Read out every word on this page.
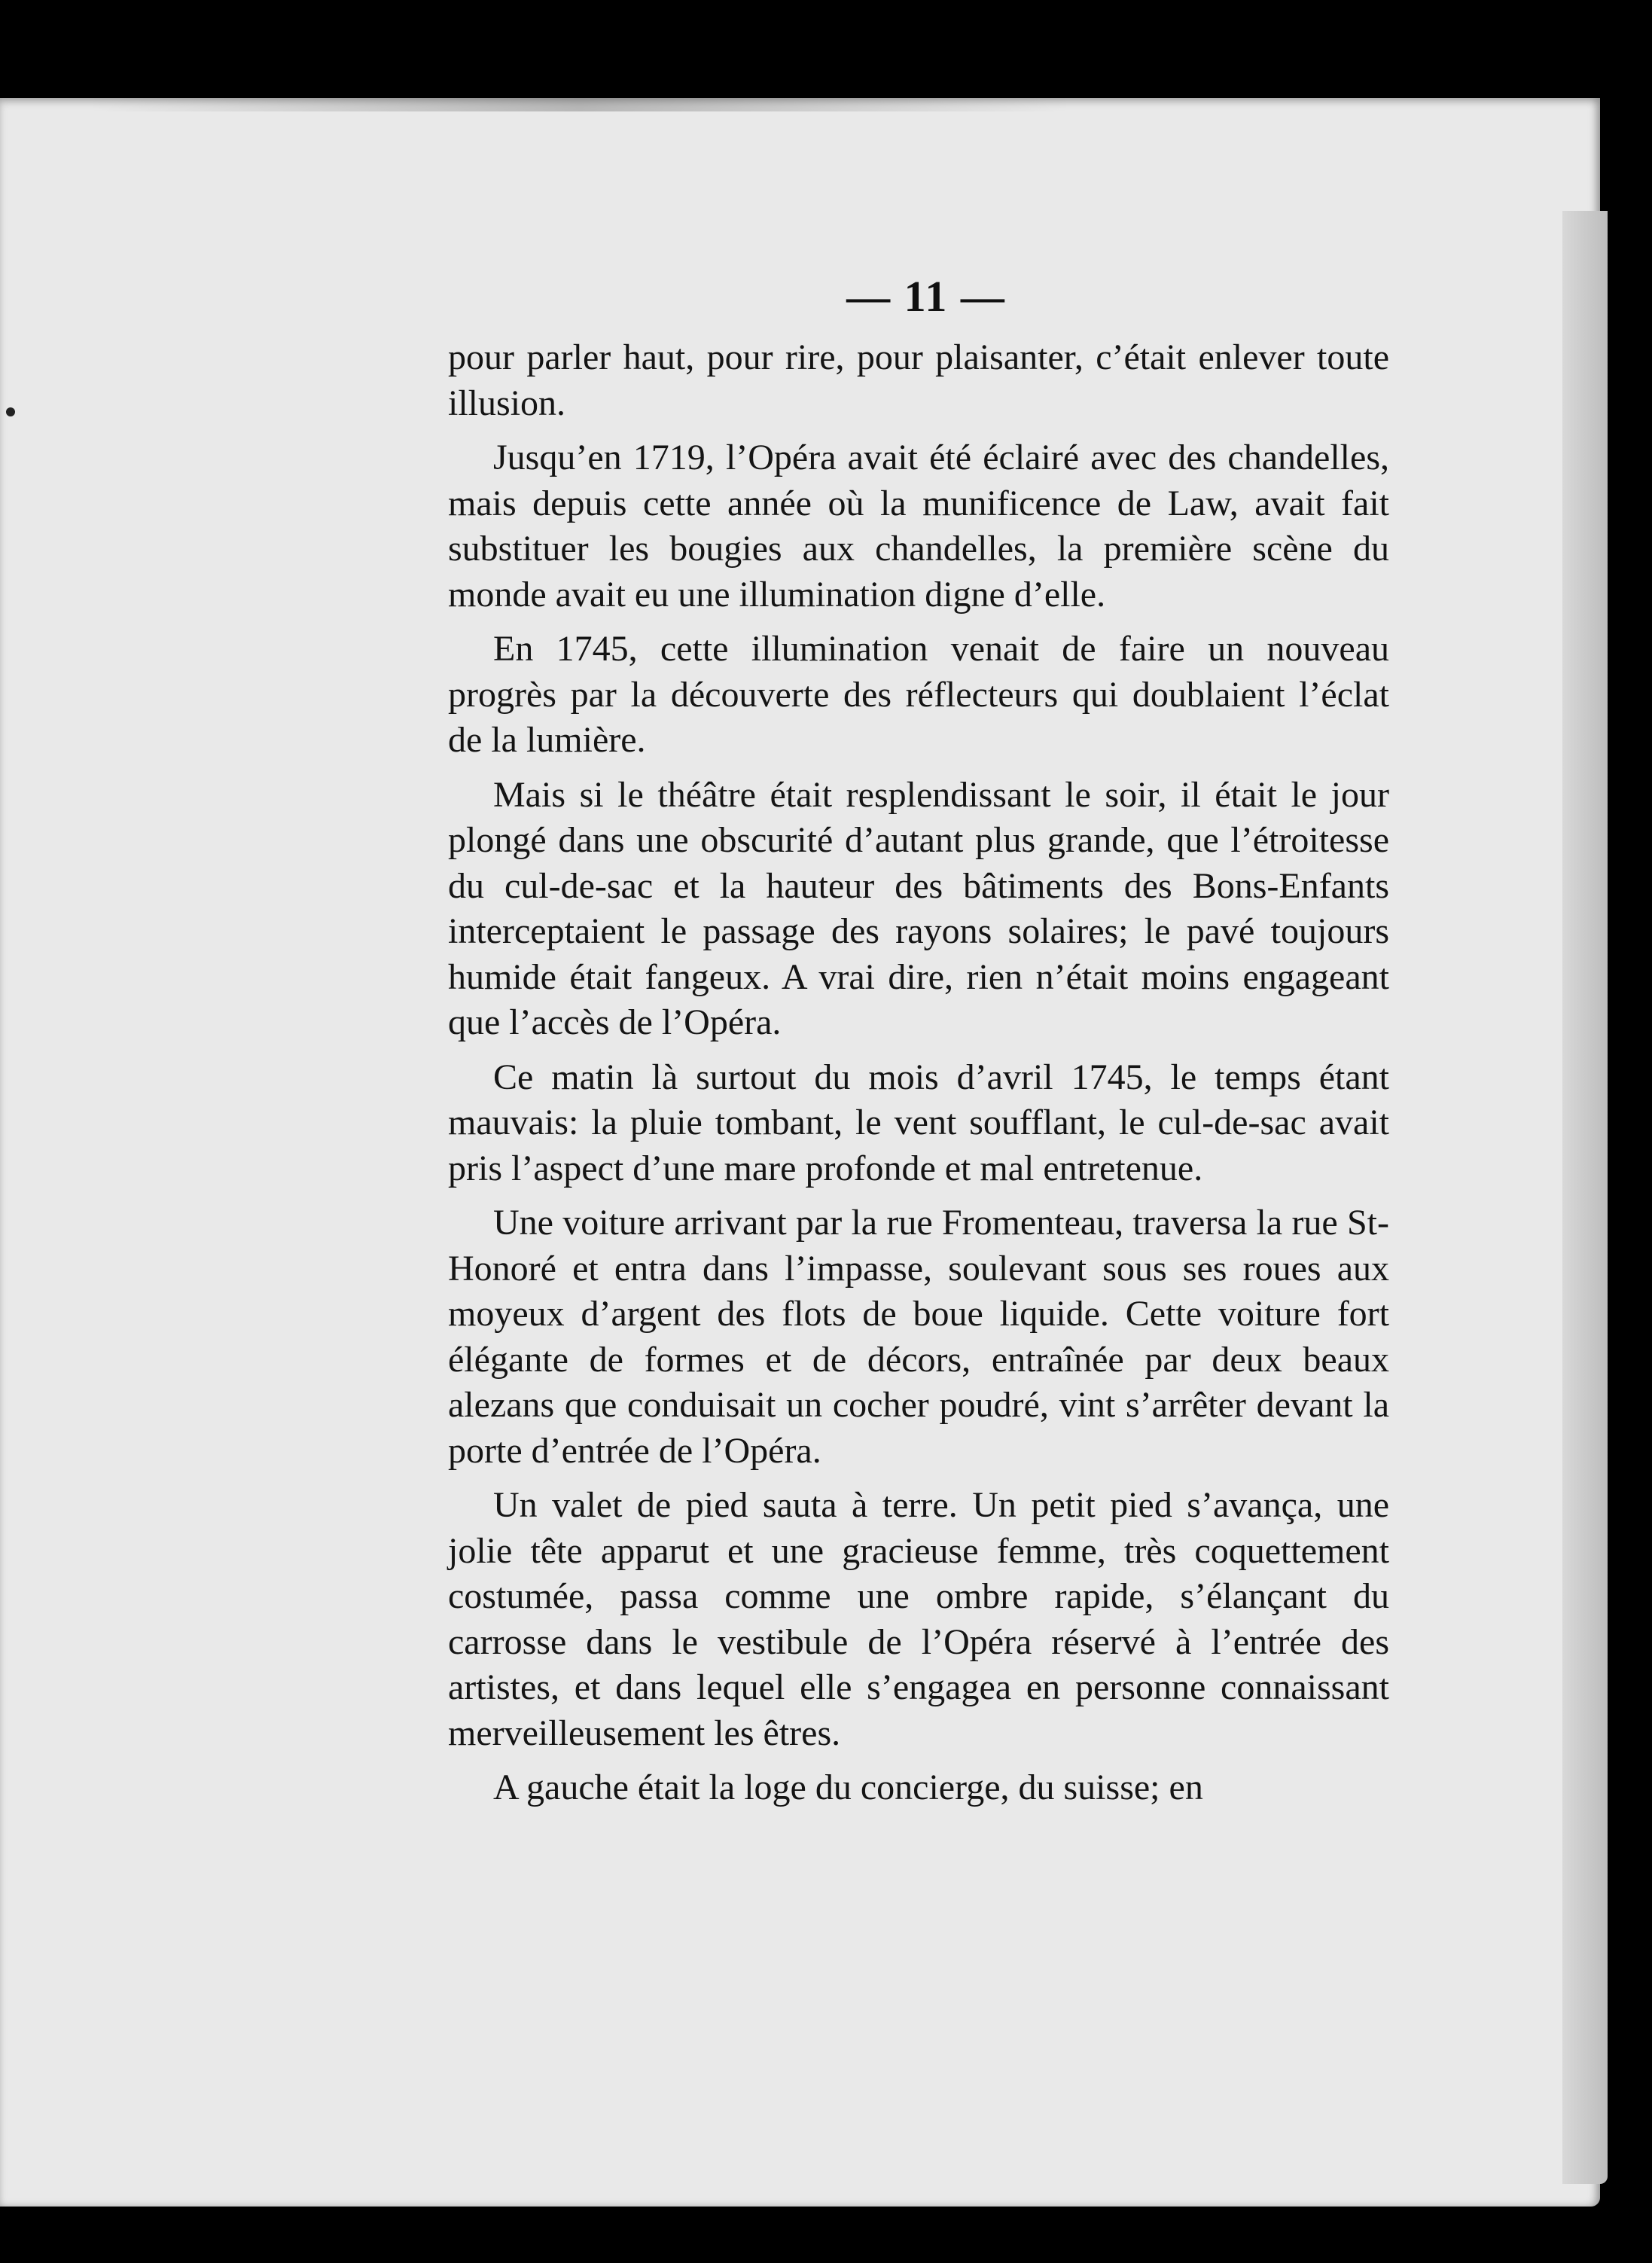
— 11 —

pour parler haut, pour rire, pour plaisanter, c’était enlever toute illusion.

Jusqu’en 1719, l’Opéra avait été éclairé avec des chandelles, mais depuis cette année où la munificence de Law, avait fait substituer les bougies aux chandelles, la première scène du monde avait eu une illumination digne d’elle.

En 1745, cette illumination venait de faire un nouveau progrès par la découverte des réflecteurs qui doublaient l’éclat de la lumière.

Mais si le théâtre était resplendissant le soir, il était le jour plongé dans une obscurité d’autant plus grande, que l’étroitesse du cul-de-sac et la hauteur des bâtiments des Bons-Enfants interceptaient le passage des rayons solaires; le pavé toujours humide était fangeux. A vrai dire, rien n’était moins engageant que l’accès de l’Opéra.

Ce matin là surtout du mois d’avril 1745, le temps étant mauvais: la pluie tombant, le vent soufflant, le cul-de-sac avait pris l’aspect d’une mare profonde et mal entretenue.

Une voiture arrivant par la rue Fromenteau, traversa la rue St-Honoré et entra dans l’impasse, soulevant sous ses roues aux moyeux d’argent des flots de boue liquide. Cette voiture fort élégante de formes et de décors, entraînée par deux beaux alezans que conduisait un cocher poudré, vint s’arrêter devant la porte d’entrée de l’Opéra.

Un valet de pied sauta à terre. Un petit pied s’avança, une jolie tête apparut et une gracieuse femme, très coquettement costumée, passa comme une ombre rapide, s’élançant du carrosse dans le vestibule de l’Opéra réservé à l’entrée des artistes, et dans lequel elle s’engagea en personne connaissant merveilleusement les êtres.

A gauche était la loge du concierge, du suisse; en
